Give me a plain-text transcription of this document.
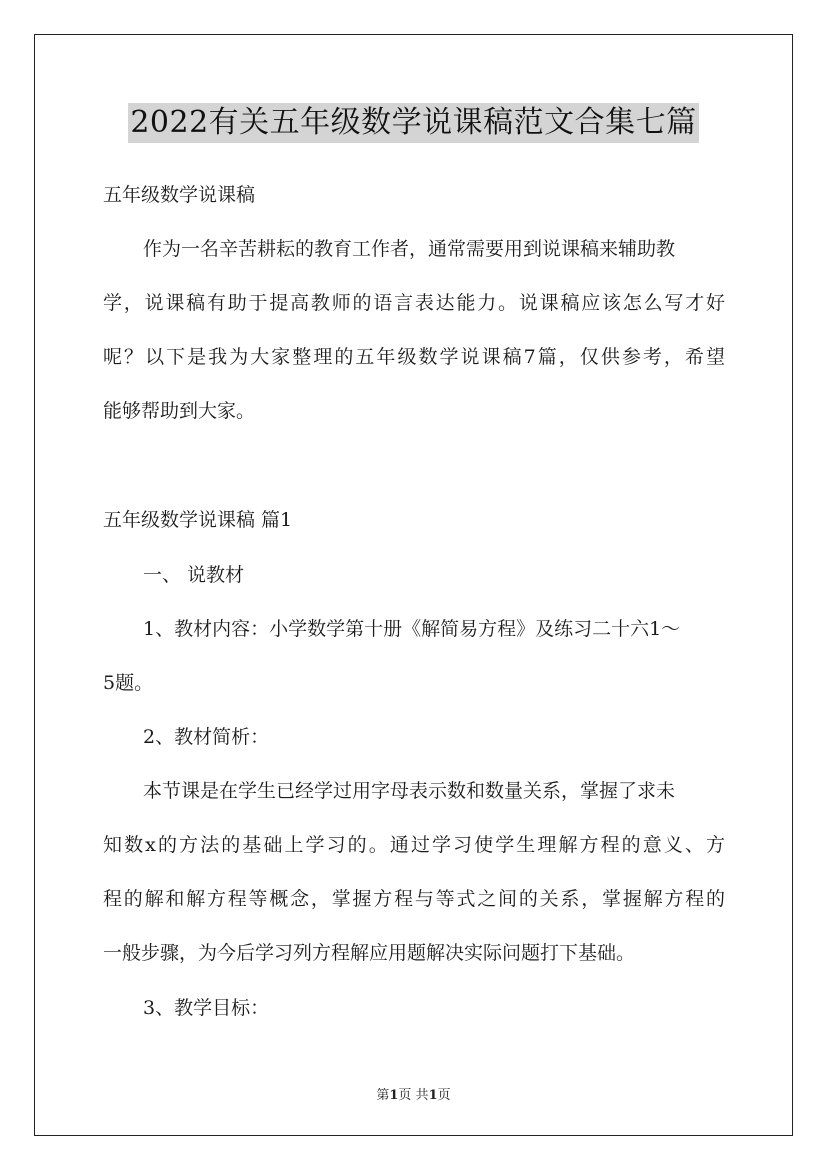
2022有关五年级数学说课稿范文合集七篇
五年级数学说课稿
作为一名辛苦耕耘的教育工作者，通常需要用到说课稿来辅助教
学，说课稿有助于提高教师的语言表达能力。说课稿应该怎么写才好
呢？以下是我为大家整理的五年级数学说课稿7篇，仅供参考，希望
能够帮助到大家。
五年级数学说课稿 篇1
一、 说教材
1、教材内容：小学数学第十册《解简易方程》及练习二十六1～
5题。
2、教材简析：
本节课是在学生已经学过用字母表示数和数量关系，掌握了求未
知数x的方法的基础上学习的。通过学习使学生理解方程的意义、方
程的解和解方程等概念，掌握方程与等式之间的关系，掌握解方程的
一般步骤，为今后学习列方程解应用题解决实际问题打下基础。
3、教学目标：
第1页 共1页
